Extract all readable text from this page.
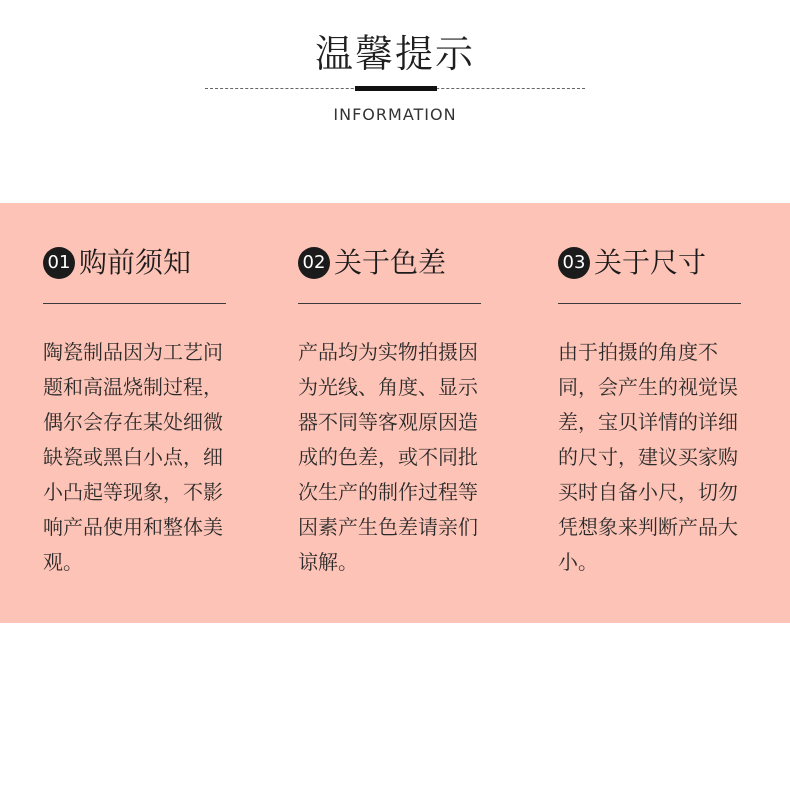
温馨提示
INFORMATION
01 购前须知
陶瓷制品因为工艺问题和高温烧制过程，偶尔会存在某处细微缺瓷或黑白小点，细小凸起等现象，不影响产品使用和整体美观。
02 关于色差
产品均为实物拍摄因为光线、角度、显示器不同等客观原因造成的色差，或不同批次生产的制作过程等因素产生色差请亲们谅解。
03 关于尺寸
由于拍摄的角度不同，会产生的视觉误差，宝贝详情的详细的尺寸，建议买家购买时自备小尺，切勿凭想象来判断产品大小。
